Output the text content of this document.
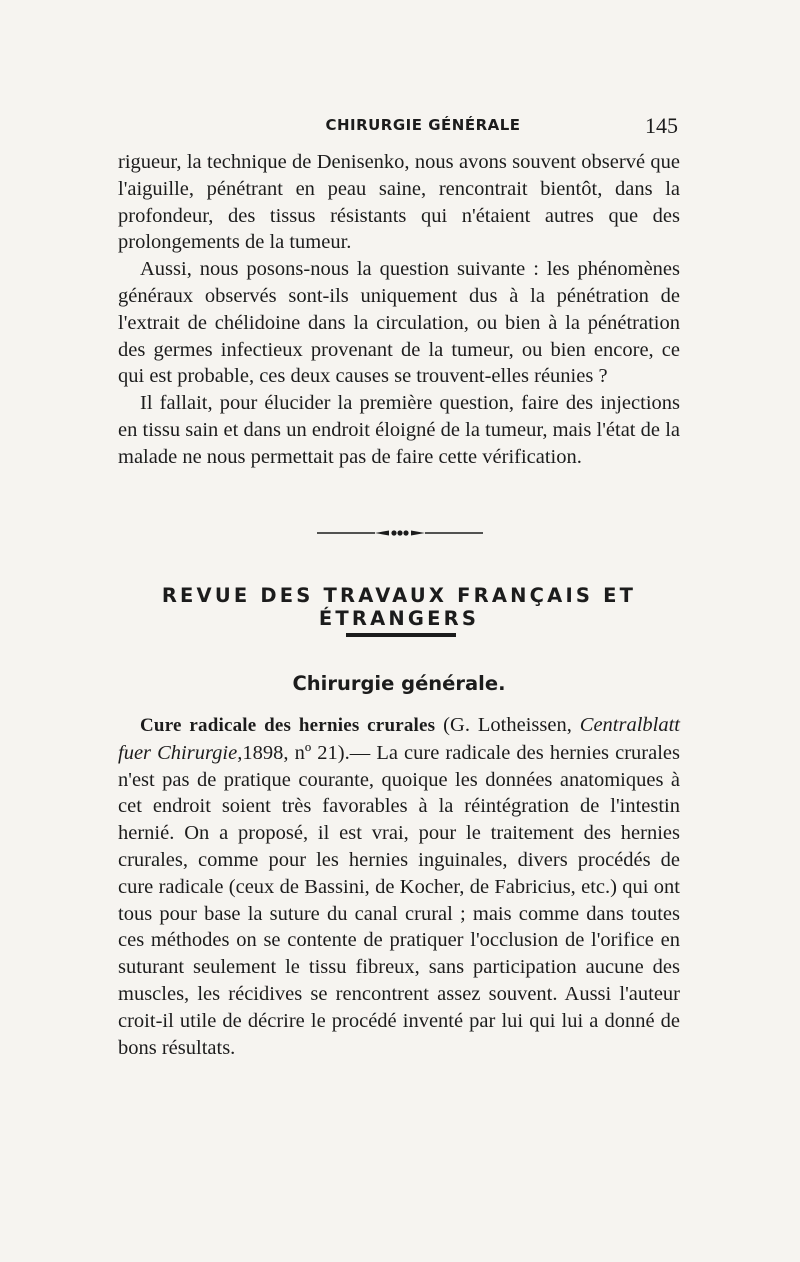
CHIRURGIE GÉNÉRALE	145

rigueur, la technique de Denisenko, nous avons souvent observé que l'aiguille, pénétrant en peau saine, rencontrait bientôt, dans la profondeur, des tissus résistants qui n'étaient autres que des prolongements de la tumeur.

Aussi, nous posons-nous la question suivante : les phénomènes généraux observés sont-ils uniquement dus à la pénétration de l'extrait de chélidoine dans la circulation, ou bien à la pénétration des germes infectieux provenant de la tumeur, ou bien encore, ce qui est probable, ces deux causes se trouvent-elles réunies ?

Il fallait, pour élucider la première question, faire des injections en tissu sain et dans un endroit éloigné de la tumeur, mais l'état de la malade ne nous permettait pas de faire cette vérification.

REVUE DES TRAVAUX FRANÇAIS ET ÉTRANGERS
Chirurgie générale.

Cure radicale des hernies crurales (G. Lotheissen, Centralblatt fuer Chirurgie,1898, nº 21).— La cure radicale des hernies crurales n'est pas de pratique courante, quoique les données anatomiques à cet endroit soient très favorables à la réintégration de l'intestin hernié. On a proposé, il est vrai, pour le traitement des hernies crurales, comme pour les hernies inguinales, divers procédés de cure radicale (ceux de Bassini, de Kocher, de Fabricius, etc.) qui ont tous pour base la suture du canal crural ; mais comme dans toutes ces méthodes on se contente de pratiquer l'occlusion de l'orifice en suturant seulement le tissu fibreux, sans participation aucune des muscles, les récidives se rencontrent assez souvent. Aussi l'auteur croit-il utile de décrire le procédé inventé par lui qui lui a donné de bons résultats.
